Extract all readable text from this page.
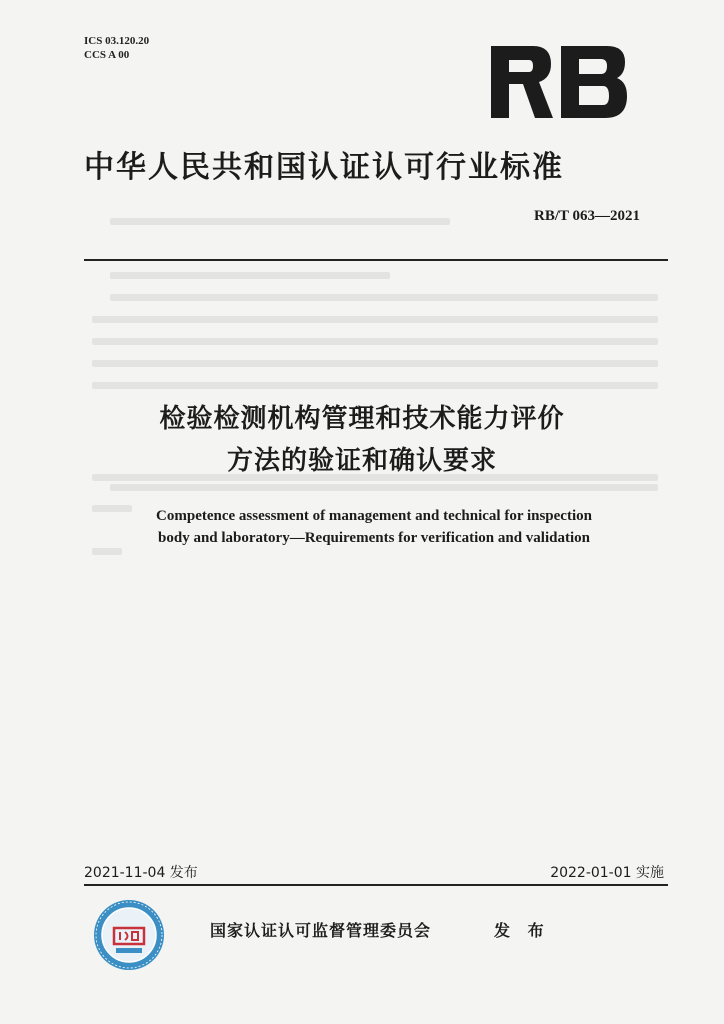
ICS 03.120.20
CCS A 00
中华人民共和国认证认可行业标准
RB/T 063—2021
检验检测机构管理和技术能力评价
方法的验证和确认要求
Competence assessment of management and technical for inspection
body and laboratory—Requirements for verification and validation
2021-11-04 发布	2022-01-01 实施
国家认证认可监督管理委员会	发 布
